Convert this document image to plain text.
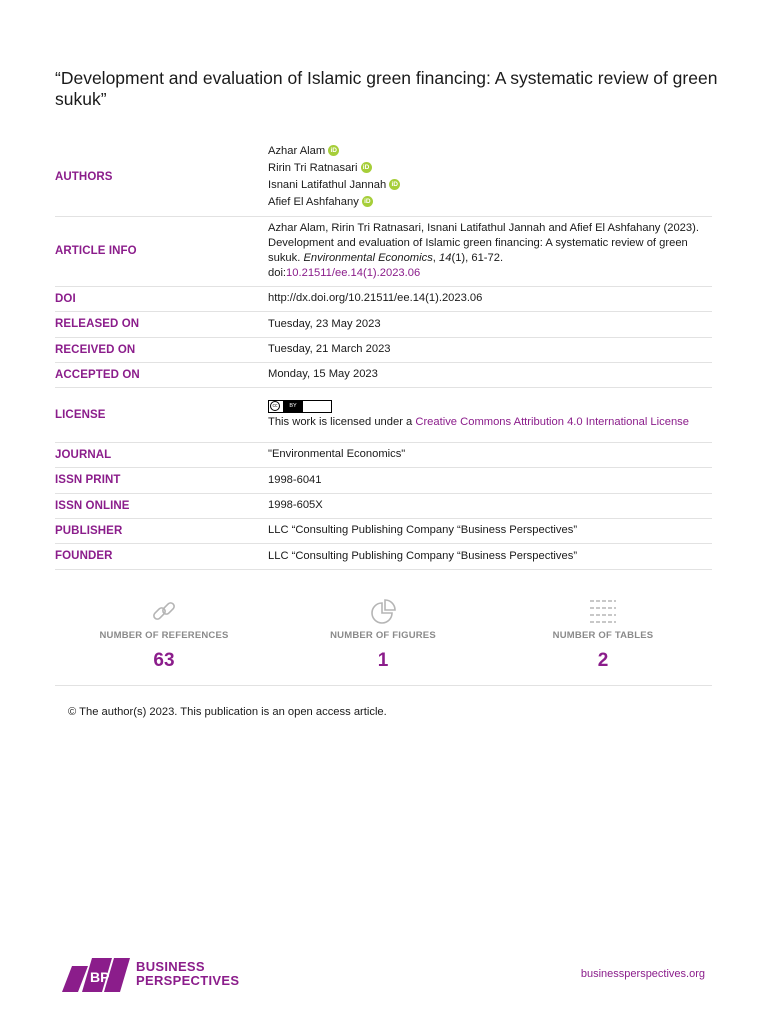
“Development and evaluation of Islamic green financing: A systematic review of green sukuk”
AUTHORS	Azhar Alam iD
Ririn Tri Ratnasari iD
Isnani Latifathul Jannah iD
Afief El Ashfahany iD

ARTICLE INFO	Azhar Alam, Ririn Tri Ratnasari, Isnani Latifathul Jannah and Afief El Ashfahany (2023). Development and evaluation of Islamic green financing: A systematic review of green sukuk. Environmental Economics, 14(1), 61-72.
doi:10.21511/ee.14(1).2023.06
DOI	http://dx.doi.org/10.21511/ee.14(1).2023.06
RELEASED ON	Tuesday, 23 May 2023
RECEIVED ON	Tuesday, 21 March 2023
ACCEPTED ON	Monday, 15 May 2023
LICENSE	cc BY

This work is licensed under a Creative Commons Attribution 4.0 International License
JOURNAL	"Environmental Economics"
ISSN PRINT	1998-6041
ISSN ONLINE	1998-605X
PUBLISHER	LLC “Consulting Publishing Company “Business Perspectives”
FOUNDER	LLC “Consulting Publishing Company “Business Perspectives”
NUMBER OF REFERENCES
63
NUMBER OF FIGURES
1
NUMBER OF TABLES
2
© The author(s) 2023. This publication is an open access article.
BP
BUSINESS
PERSPECTIVES	businessperspectives.org
